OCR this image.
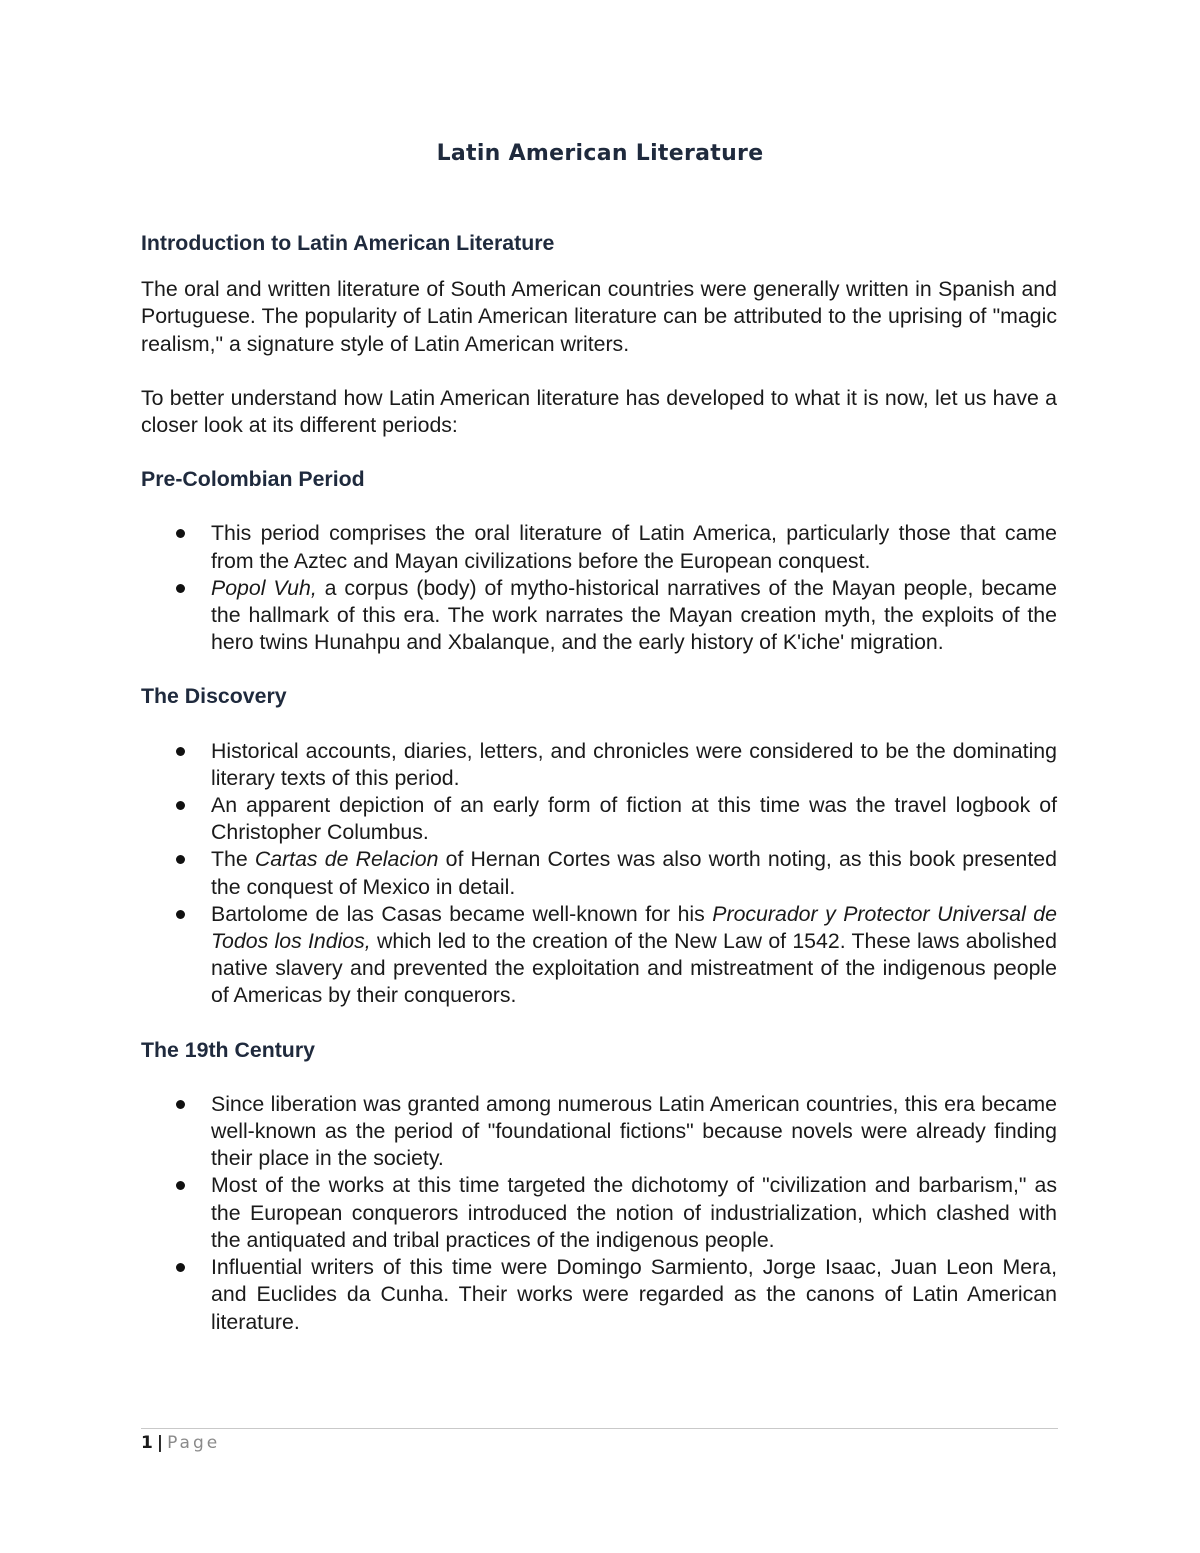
Latin American Literature
Introduction to Latin American Literature

The oral and written literature of South American countries were generally written in Spanish and Portuguese. The popularity of Latin American literature can be attributed to the uprising of "magic realism," a signature style of Latin American writers.

To better understand how Latin American literature has developed to what it is now, let us have a closer look at its different periods:

Pre-Colombian Period
This period comprises the oral literature of Latin America, particularly those that came from the Aztec and Mayan civilizations before the European conquest.
Popol Vuh, a corpus (body) of mytho-historical narratives of the Mayan people, became the hallmark of this era. The work narrates the Mayan creation myth, the exploits of the hero twins Hunahpu and Xbalanque, and the early history of K'iche' migration.
The Discovery
Historical accounts, diaries, letters, and chronicles were considered to be the dominating literary texts of this period.
An apparent depiction of an early form of fiction at this time was the travel logbook of Christopher Columbus.
The Cartas de Relacion of Hernan Cortes was also worth noting, as this book presented the conquest of Mexico in detail.
Bartolome de las Casas became well-known for his Procurador y Protector Universal de Todos los Indios, which led to the creation of the New Law of 1542. These laws abolished native slavery and prevented the exploitation and mistreatment of the indigenous people of Americas by their conquerors.
The 19th Century
Since liberation was granted among numerous Latin American countries, this era became well-known as the period of "foundational fictions" because novels were already finding their place in the society.
Most of the works at this time targeted the dichotomy of "civilization and barbarism," as the European conquerors introduced the notion of industrialization, which clashed with the antiquated and tribal practices of the indigenous people.
Influential writers of this time were Domingo Sarmiento, Jorge Isaac, Juan Leon Mera, and Euclides da Cunha. Their works were regarded as the canons of Latin American literature.
1 | Page
